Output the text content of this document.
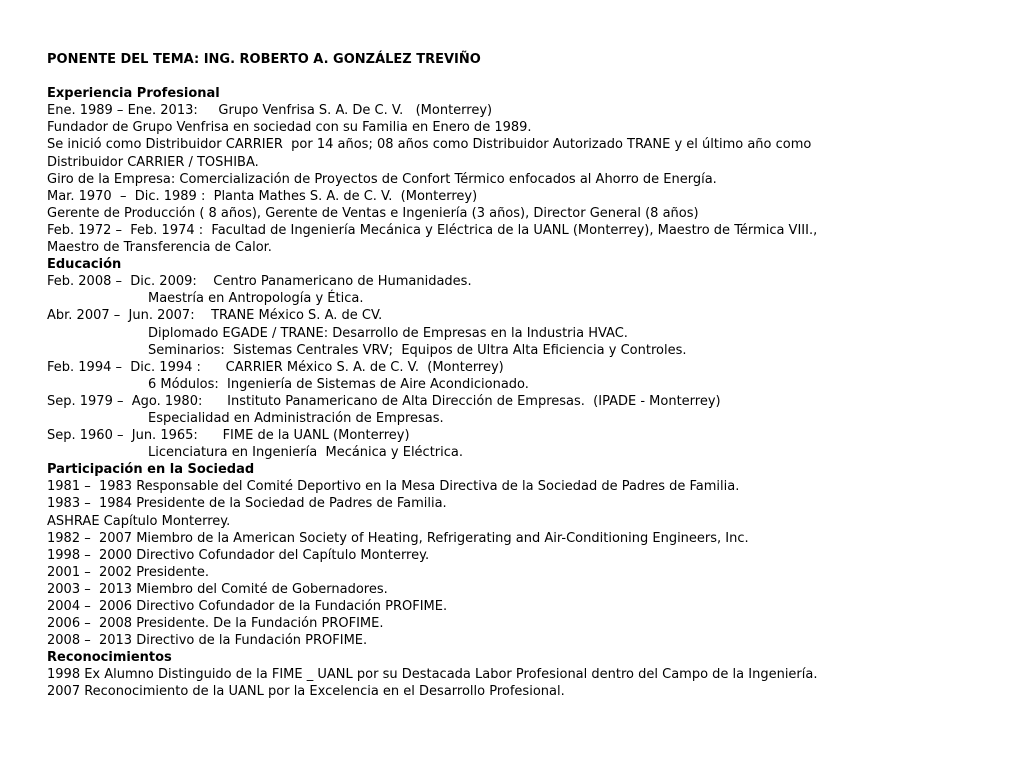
PONENTE DEL TEMA: ING. ROBERTO A. GONZÁLEZ TREVIÑO
Experiencia Profesional
Ene. 1989 – Ene. 2013:     Grupo Venfrisa S. A. De C. V.   (Monterrey)
Fundador de Grupo Venfrisa en sociedad con su Familia en Enero de 1989.
Se inició como Distribuidor CARRIER  por 14 años; 08 años como Distribuidor Autorizado TRANE y el último año como
Distribuidor CARRIER / TOSHIBA.
Giro de la Empresa: Comercialización de Proyectos de Confort Térmico enfocados al Ahorro de Energía.
Mar. 1970  –  Dic. 1989 :  Planta Mathes S. A. de C. V.  (Monterrey)
Gerente de Producción ( 8 años), Gerente de Ventas e Ingeniería (3 años), Director General (8 años)
Feb. 1972 –  Feb. 1974 :  Facultad de Ingeniería Mecánica y Eléctrica de la UANL (Monterrey), Maestro de Térmica VIII.,
Maestro de Transferencia de Calor.
Educación
Feb. 2008 –  Dic. 2009:    Centro Panamericano de Humanidades.
Maestría en Antropología y Ética.
Abr. 2007 –  Jun. 2007:    TRANE México S. A. de CV.
Diplomado EGADE / TRANE: Desarrollo de Empresas en la Industria HVAC.
Seminarios:  Sistemas Centrales VRV;  Equipos de Ultra Alta Eficiencia y Controles.
Feb. 1994 –  Dic. 1994 :      CARRIER México S. A. de C. V.  (Monterrey)
6 Módulos:  Ingeniería de Sistemas de Aire Acondicionado.
Sep. 1979 –  Ago. 1980:      Instituto Panamericano de Alta Dirección de Empresas.  (IPADE - Monterrey)
Especialidad en Administración de Empresas.
Sep. 1960 –  Jun. 1965:      FIME de la UANL (Monterrey)
Licenciatura en Ingeniería  Mecánica y Eléctrica.
Participación en la Sociedad
1981 –  1983 Responsable del Comité Deportivo en la Mesa Directiva de la Sociedad de Padres de Familia.
1983 –  1984 Presidente de la Sociedad de Padres de Familia.
ASHRAE Capítulo Monterrey.
1982 –  2007 Miembro de la American Society of Heating, Refrigerating and Air-Conditioning Engineers, Inc.
1998 –  2000 Directivo Cofundador del Capítulo Monterrey.
2001 –  2002 Presidente.
2003 –  2013 Miembro del Comité de Gobernadores.
2004 –  2006 Directivo Cofundador de la Fundación PROFIME.
2006 –  2008 Presidente. De la Fundación PROFIME.
2008 –  2013 Directivo de la Fundación PROFIME.
Reconocimientos
1998 Ex Alumno Distinguido de la FIME _ UANL por su Destacada Labor Profesional dentro del Campo de la Ingeniería.
2007 Reconocimiento de la UANL por la Excelencia en el Desarrollo Profesional.
